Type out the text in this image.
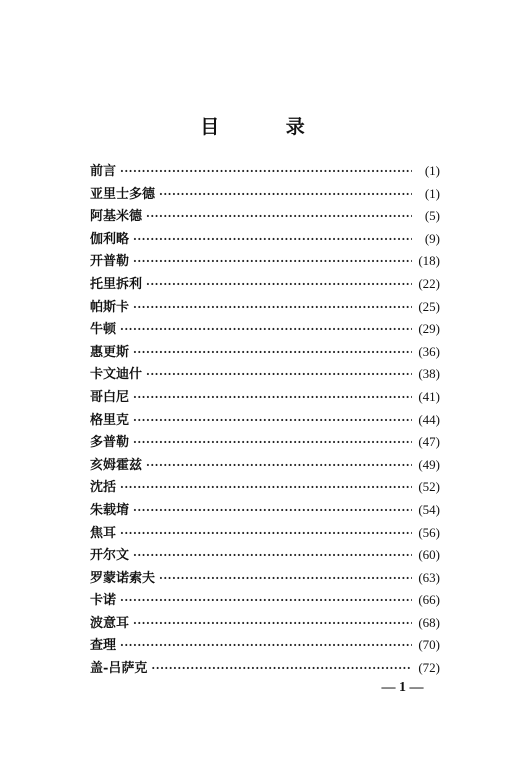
目 录
前言 ·····	(1)
亚里士多德 ·····	(1)
阿基米德 ·····	(5)
伽利略 ·····	(9)
开普勒 ·····	(18)
托里拆利 ·····	(22)
帕斯卡 ·····	(25)
牛顿 ·····	(29)
惠更斯 ·····	(36)
卡文迪什 ·····	(38)
哥白尼 ·····	(41)
格里克 ·····	(44)
多普勒 ·····	(47)
亥姆霍兹 ·····	(49)
沈括 ·····	(52)
朱载堉 ·····	(54)
焦耳 ·····	(56)
开尔文 ·····	(60)
罗蒙诺索夫 ·····	(63)
卡诺 ·····	(66)
波意耳 ·····	(68)
查理 ·····	(70)
盖-吕萨克 ·····	(72)
— 1 —
